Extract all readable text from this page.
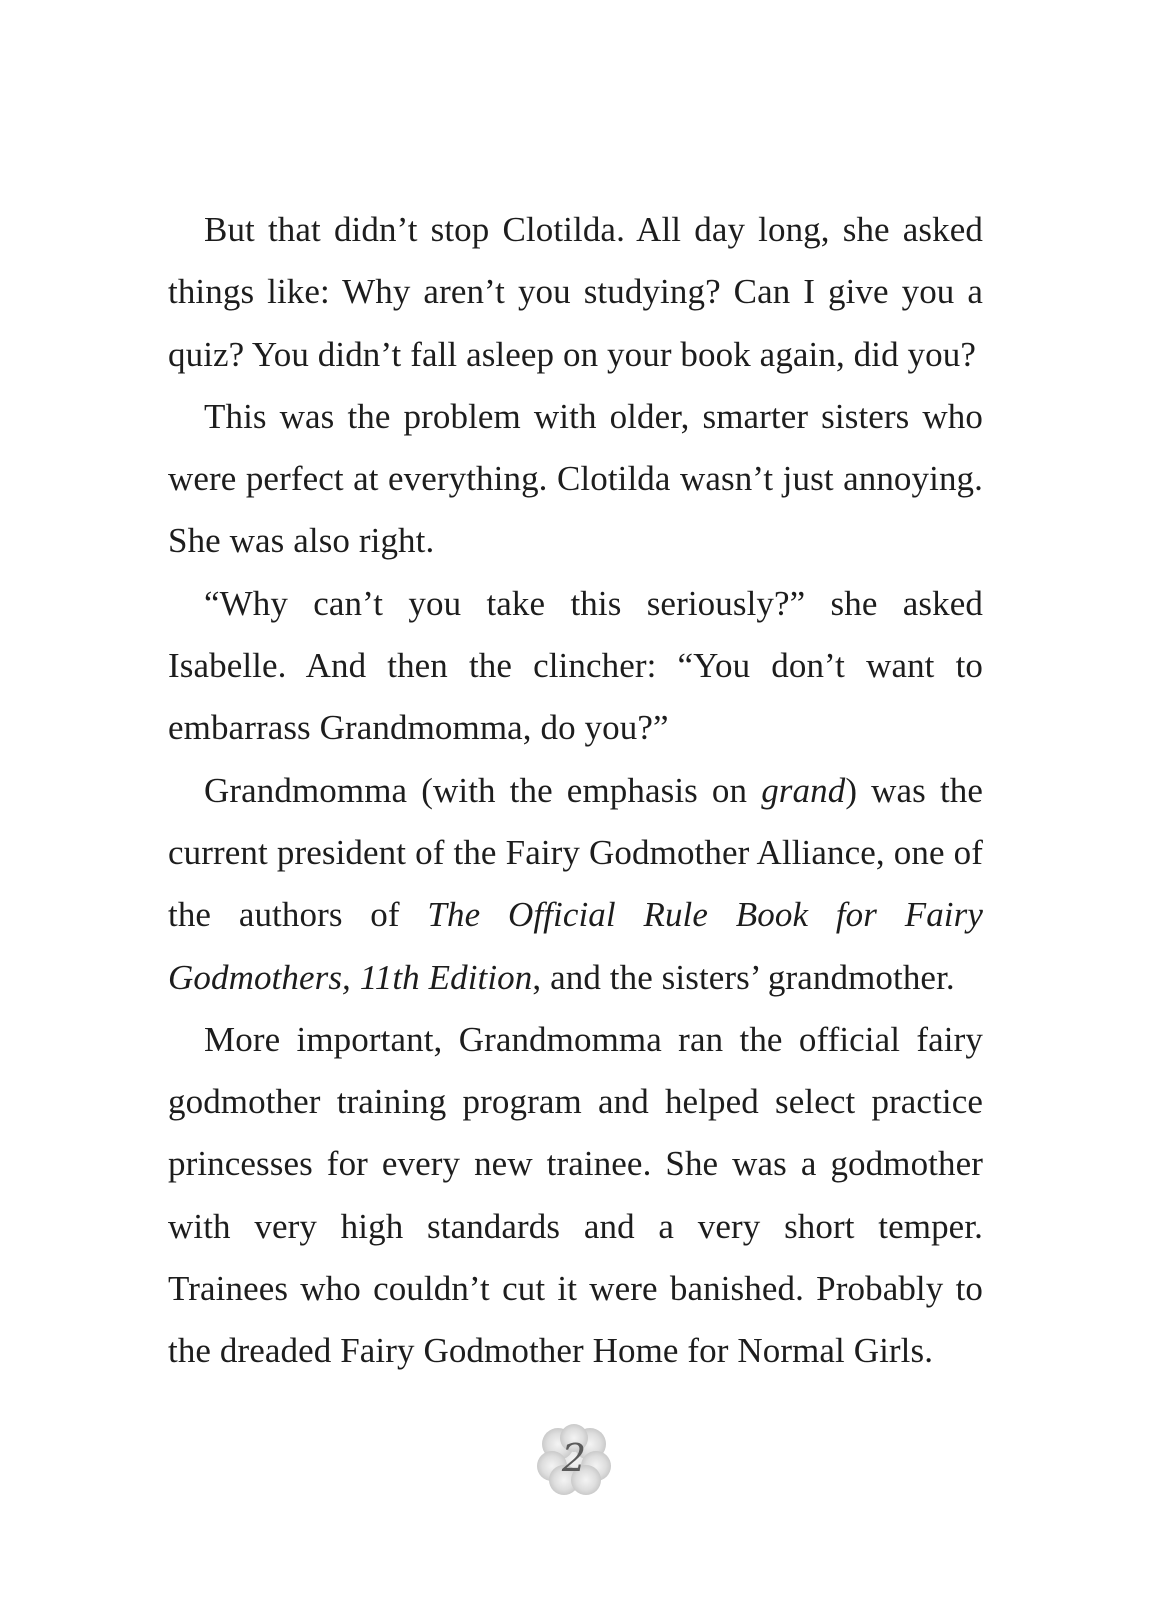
But that didn’t stop Clotilda. All day long, she asked things like: Why aren’t you studying? Can I give you a quiz? You didn’t fall asleep on your book again, did you?

This was the problem with older, smarter sisters who were perfect at everything. Clotilda wasn’t just annoying. She was also right.

“Why can’t you take this seriously?” she asked Isabelle. And then the clincher: “You don’t want to embarrass Grandmomma, do you?”

Grandmomma (with the emphasis on grand) was the current president of the Fairy Godmother Alliance, one of the authors of The Official Rule Book for Fairy Godmothers, 11th Edition, and the sisters’ grandmother.

More important, Grandmomma ran the official fairy godmother training program and helped select practice princesses for every new trainee. She was a godmother with very high standards and a very short temper. Trainees who couldn’t cut it were banished. Probably to the dreaded Fairy Godmother Home for Normal Girls.

2
